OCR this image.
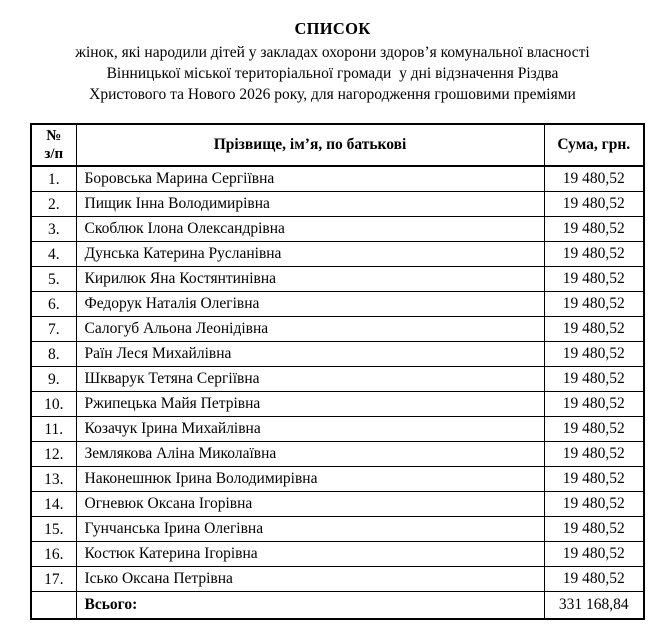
СПИСОК
жінок, які народили дітей у закладах охорони здоров’я комунальної власності
Вінницької міської територіальної громади  у дні відзначення Різдва
Христового та Нового 2026 року, для нагородження грошовими преміями
№
з/п	Прізвище, ім’я, по батькові	Сума, грн.
1.	Боровська Марина Сергіївна	19 480,52
2.	Пищик Інна Володимирівна	19 480,52
3.	Скоблюк Ілона Олександрівна	19 480,52
4.	Дунська Катерина Русланівна	19 480,52
5.	Кирилюк Яна Костянтинівна	19 480,52
6.	Федорук Наталія Олегівна	19 480,52
7.	Салогуб Альона Леонідівна	19 480,52
8.	Раїн Леся Михайлівна	19 480,52
9.	Шкварук Тетяна Сергіївна	19 480,52
10.	Ржипецька Майя Петрівна	19 480,52
11.	Козачук Ірина Михайлівна	19 480,52
12.	Землякова Аліна Миколаївна	19 480,52
13.	Наконешнюк Ірина Володимирівна	19 480,52
14.	Огневюк Оксана Ігорівна	19 480,52
15.	Гунчанська Ірина Олегівна	19 480,52
16.	Костюк Катерина Ігорівна	19 480,52
17.	Ісько Оксана Петрівна	19 480,52
	Всього:	331 168,84
